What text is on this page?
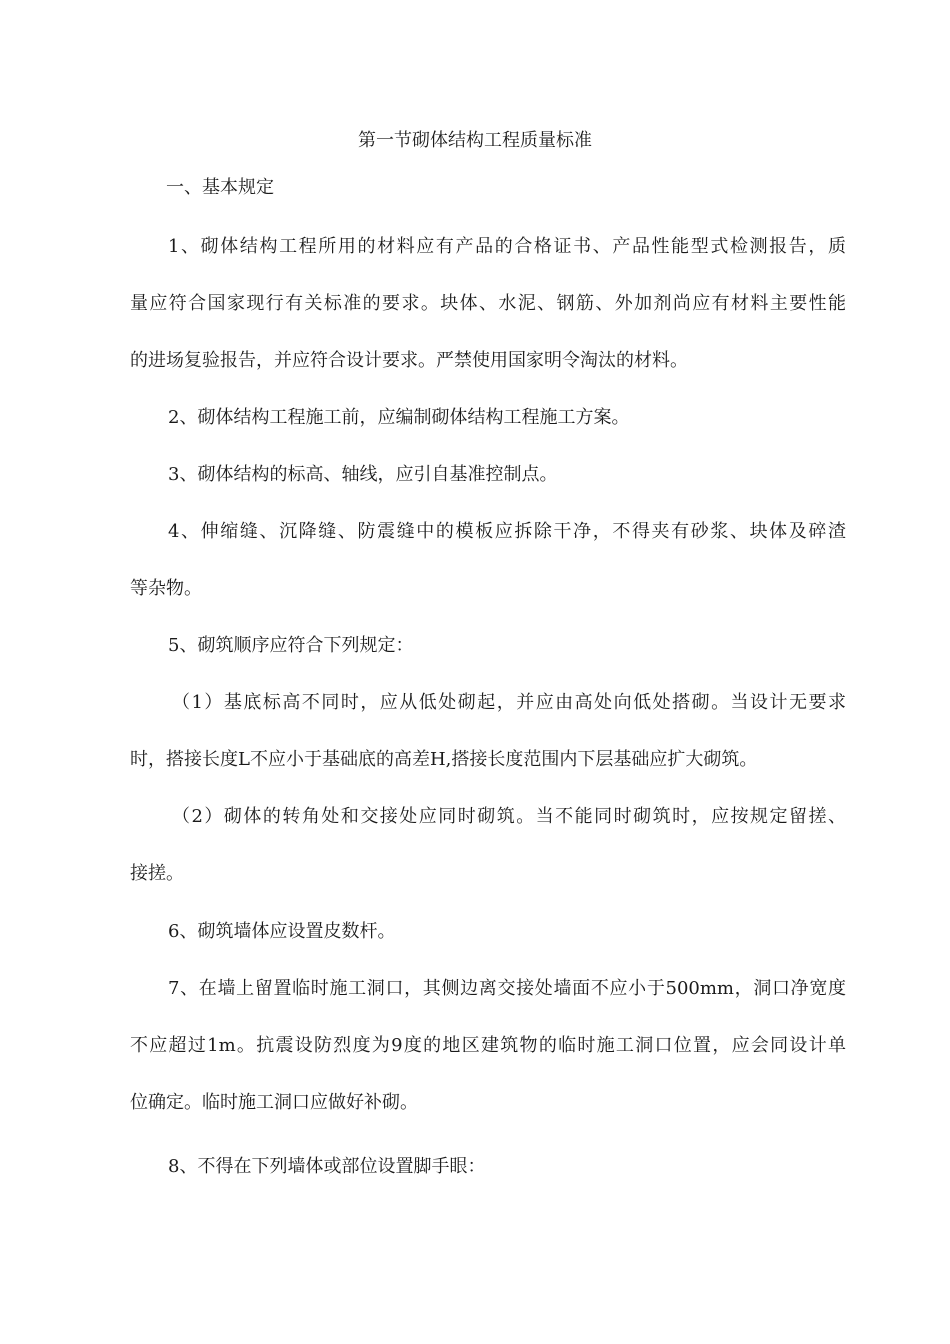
第一节砌体结构工程质量标准
一、基本规定
1、砌体结构工程所用的材料应有产品的合格证书、产品性能型式检测报告，质
量应符合国家现行有关标准的要求。块体、水泥、钢筋、外加剂尚应有材料主要性能
的进场复验报告，并应符合设计要求。严禁使用国家明令淘汰的材料。
2、砌体结构工程施工前，应编制砌体结构工程施工方案。
3、砌体结构的标高、轴线，应引自基准控制点。
4、伸缩缝、沉降缝、防震缝中的模板应拆除干净，不得夹有砂浆、块体及碎渣
等杂物。
5、砌筑顺序应符合下列规定：
（1）基底标高不同时，应从低处砌起，并应由高处向低处搭砌。当设计无要求
时，搭接长度L不应小于基础底的高差H,搭接长度范围内下层基础应扩大砌筑。
（2）砌体的转角处和交接处应同时砌筑。当不能同时砌筑时，应按规定留搓、
接搓。
6、砌筑墙体应设置皮数杆。
7、在墙上留置临时施工洞口，其侧边离交接处墙面不应小于500mm，洞口净宽度
不应超过1m。抗震设防烈度为9度的地区建筑物的临时施工洞口位置，应会同设计单
位确定。临时施工洞口应做好补砌。
8、不得在下列墙体或部位设置脚手眼：
